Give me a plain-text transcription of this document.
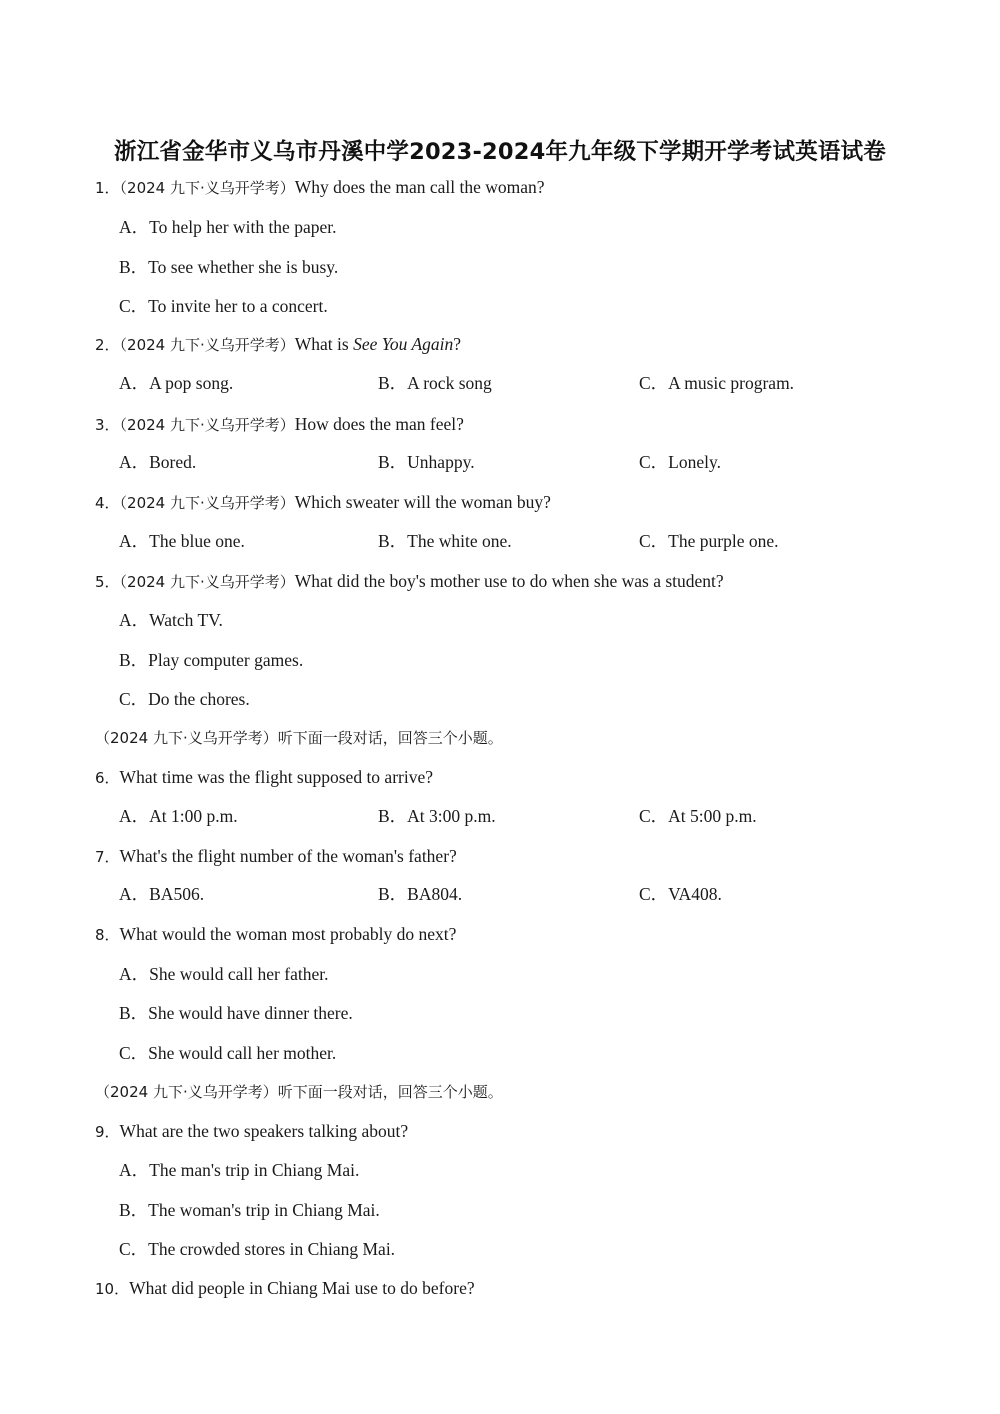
浙江省金华市义乌市丹溪中学2023-2024年九年级下学期开学考试英语试卷
1．（2024 九下·义乌开学考）Why does the man call the woman?
A．To help her with the paper.
B．To see whether she is busy.
C．To invite her to a concert.
2．（2024 九下·义乌开学考）What is See You Again?
A．A pop song.	B．A rock song	C．A music program.
3．（2024 九下·义乌开学考）How does the man feel?
A．Bored.	B．Unhappy.	C．Lonely.
4．（2024 九下·义乌开学考）Which sweater will the woman buy?
A．The blue one.	B．The white one.	C．The purple one.
5．（2024 九下·义乌开学考）What did the boy's mother use to do when she was a student?
A．Watch TV.
B．Play computer games.
C．Do the chores.
（2024 九下·义乌开学考）听下面一段对话，回答三个小题。
6．What time was the flight supposed to arrive?
A．At 1:00 p.m.	B．At 3:00 p.m.	C．At 5:00 p.m.
7．What's the flight number of the woman's father?
A．BA506.	B．BA804.	C．VA408.
8．What would the woman most probably do next?
A．She would call her father.
B．She would have dinner there.
C．She would call her mother.
（2024 九下·义乌开学考）听下面一段对话，回答三个小题。
9．What are the two speakers talking about?
A．The man's trip in Chiang Mai.
B．The woman's trip in Chiang Mai.
C．The crowded stores in Chiang Mai.
10．What did people in Chiang Mai use to do before?
